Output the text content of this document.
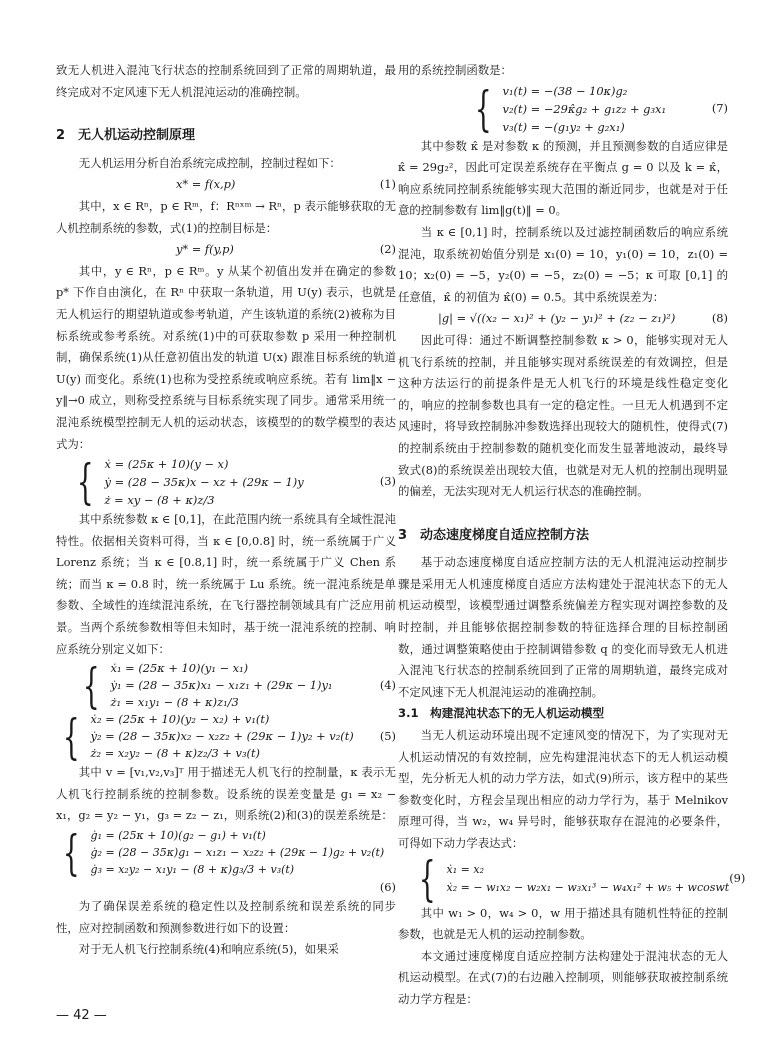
致无人机进入混沌飞行状态的控制系统回到了正常的周期轨道，最终完成对不定风速下无人机混沌运动的准确控制。

2　无人机运动控制原理

无人机运用分析自治系统完成控制，控制过程如下：

x* = f(x,p)	(1)

其中，x ∈ Rⁿ，p ∈ Rᵐ，f：Rⁿˣᵐ → Rⁿ，p 表示能够获取的无人机控制系统的参数，式(1)的控制目标是：

y* = f(y,p)	(2)

其中，y ∈ Rⁿ，p ∈ Rᵐ。y 从某个初值出发并在确定的参数 p* 下作自由演化，在 Rⁿ 中获取一条轨道，用 U(y) 表示，也就是无人机运行的期望轨道或参考轨道，产生该轨道的系统(2)被称为目标系统或参考系统。对系统(1)中的可获取参数 p 采用一种控制机制，确保系统(1)从任意初值出发的轨道 U(x) 跟准目标系统的轨道 U(y) 而变化。系统(1)也称为受控系统或响应系统。若有 lim‖x − y‖→0 成立，则称受控系统与目标系统实现了同步。通常采用统一混沌系统模型控制无人机的运动状态，该模型的的数学模型的表达式为：

{ ẋ = (25κ + 10)(y − x)
ẏ = (28 − 35κ)x − xz + (29κ − 1)y
ż = xy − (8 + κ)z/3
(3)

其中系统参数 κ ∈ [0,1]，在此范围内统一系统具有全域性混沌特性。依据相关资料可得，当 κ ∈ [0,0.8] 时，统一系统属于广义 Lorenz 系统；当 κ ∈ [0.8,1] 时，统一系统属于广义 Chen 系统；而当 κ = 0.8 时，统一系统属于 Lu 系统。统一混沌系统是单参数、全域性的连续混沌系统，在飞行器控制领域具有广泛应用前景。当两个系统参数相等但未知时，基于统一混沌系统的控制、响应系统分别定义如下：

{ ẋ₁ = (25κ + 10)(y₁ − x₁)
ẏ₁ = (28 − 35κ)x₁ − x₁z₁ + (29κ − 1)y₁
ż₁ = x₁y₁ − (8 + κ)z₁/3
(4)
{ ẋ₂ = (25κ + 10)(y₂ − x₂) + v₁(t)
ẏ₂ = (28 − 35κ)x₂ − x₂z₂ + (29κ − 1)y₂ + v₂(t)
ż₂ = x₂y₂ − (8 + κ)z₂/3 + v₃(t)
(5)

其中 v = [v₁,v₂,v₃]ᵀ 用于描述无人机飞行的控制量，κ 表示无人机飞行控制系统的控制参数。设系统的误差变量是 g₁ = x₂ − x₁，g₂ = y₂ − y₁，g₃ = z₂ − z₁，则系统(2)和(3)的误差系统是：

{ ġ₁ = (25κ + 10)(g₂ − g₁) + v₁(t)
ġ₂ = (28 − 35κ)g₁ − x₁z₁ − x₂z₂ + (29κ − 1)g₂ + v₂(t)
ġ₃ = x₂y₂ − x₁y₁ − (8 + κ)g₃/3 + v₃(t)
(6)

为了确保误差系统的稳定性以及控制系统和误差系统的同步性，应对控制函数和预测参数进行如下的设置：

对于无人机飞行控制系统(4)和响应系统(5)，如果采

用的系统控制函数是：

{ v₁(t) = −(38 − 10κ)g₂
v₂(t) = −29κ̂g₂ + g₁z₂ + g₃x₁
v₃(t) = −(g₁y₂ + g₂x₁)
(7)

其中参数 κ̂ 是对参数 κ 的预测，并且预测参数的自适应律是 κ̂ = 29g₂²，因此可定误差系统存在平衡点 g = 0 以及 k = κ̂，响应系统同控制系统能够实现大范围的渐近同步，也就是对于任意的控制参数有 lim‖g(t)‖ = 0。

当 κ ∈ [0,1] 时，控制系统以及过滤控制函数后的响应系统混沌，取系统初始值分别是 x₁(0) = 10，y₁(0) = 10，z₁(0) = 10；x₂(0) = −5，y₂(0) = −5，z₂(0) = −5；κ 可取 [0,1] 的任意值，κ̂ 的初值为 κ̂(0) = 0.5。其中系统误差为：

|g| = √((x₂ − x₁)² + (y₂ − y₁)² + (z₂ − z₁)²)	(8)

因此可得：通过不断调整控制参数 κ > 0，能够实现对无人机飞行系统的控制，并且能够实现对系统误差的有效调控，但是这种方法运行的前提条件是无人机飞行的环境是线性稳定变化的，响应的控制参数也具有一定的稳定性。一旦无人机遇到不定风速时，将导致控制脉冲参数选择出现较大的随机性，使得式(7)的控制系统由于控制参数的随机变化而发生显著地波动，最终导致式(8)的系统误差出现较大值，也就是对无人机的控制出现明显的偏差，无法实现对无人机运行状态的准确控制。

3　动态速度梯度自适应控制方法

基于动态速度梯度自适应控制方法的无人机混沌运动控制步骤是采用无人机速度梯度自适应方法构建处于混沌状态下的无人机运动模型，该模型通过调整系统偏差方程实现对调控参数的及时控制，并且能够依据控制参数的特征选择合理的目标控制函数，通过调整策略使由于控制调错参数 q 的变化而导致无人机进入混沌飞行状态的控制系统回到了正常的周期轨道，最终完成对不定风速下无人机混沌运动的准确控制。

3.1　构建混沌状态下的无人机运动模型

当无人机运动环境出现不定速风变的情况下，为了实现对无人机运动情况的有效控制，应先构建混沌状态下的无人机运动模型，先分析无人机的动力学方法，如式(9)所示，该方程中的某些参数变化时，方程会呈现出相应的动力学行为，基于 Melnikov 原理可得，当 w₂，w₄ 异号时，能够获取存在混沌的必要条件，可得如下动力学表达式：

{ ẋ₁ = x₂
ẋ₂ = − w₁x₂ − w₂x₁ − w₃x₁³ − w₄x₁² + w₅ + wcoswt
(9)

其中 w₁ > 0，w₄ > 0，w 用于描述具有随机性特征的控制参数，也就是无人机的运动控制参数。

本文通过速度梯度自适应控制方法构建处于混沌状态的无人机运动模型。在式(7)的右边融入控制项，则能够获取被控制系统动力学方程是：

— 42 —
